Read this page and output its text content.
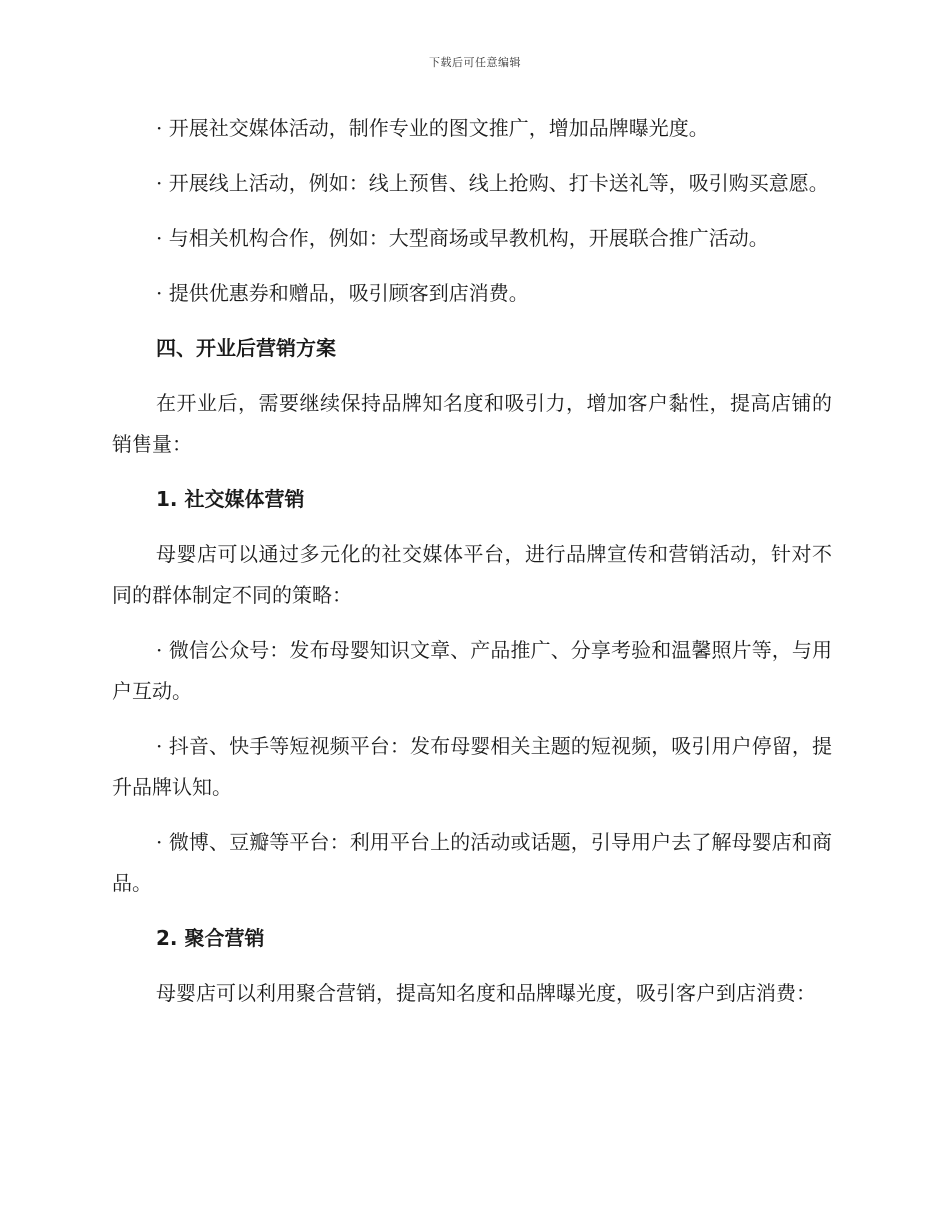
下载后可任意编辑

· 开展社交媒体活动，制作专业的图文推广，增加品牌曝光度。

· 开展线上活动，例如：线上预售、线上抢购、打卡送礼等，吸引购买意愿。

· 与相关机构合作，例如：大型商场或早教机构，开展联合推广活动。

· 提供优惠券和赠品，吸引顾客到店消费。

四、开业后营销方案

在开业后，需要继续保持品牌知名度和吸引力，增加客户黏性，提高店铺的销售量：

1. 社交媒体营销

母婴店可以通过多元化的社交媒体平台，进行品牌宣传和营销活动，针对不同的群体制定不同的策略：

· 微信公众号：发布母婴知识文章、产品推广、分享考验和温馨照片等，与用户互动。

· 抖音、快手等短视频平台：发布母婴相关主题的短视频，吸引用户停留，提升品牌认知。

· 微博、豆瓣等平台：利用平台上的活动或话题，引导用户去了解母婴店和商品。

2. 聚合营销

母婴店可以利用聚合营销，提高知名度和品牌曝光度，吸引客户到店消费：
